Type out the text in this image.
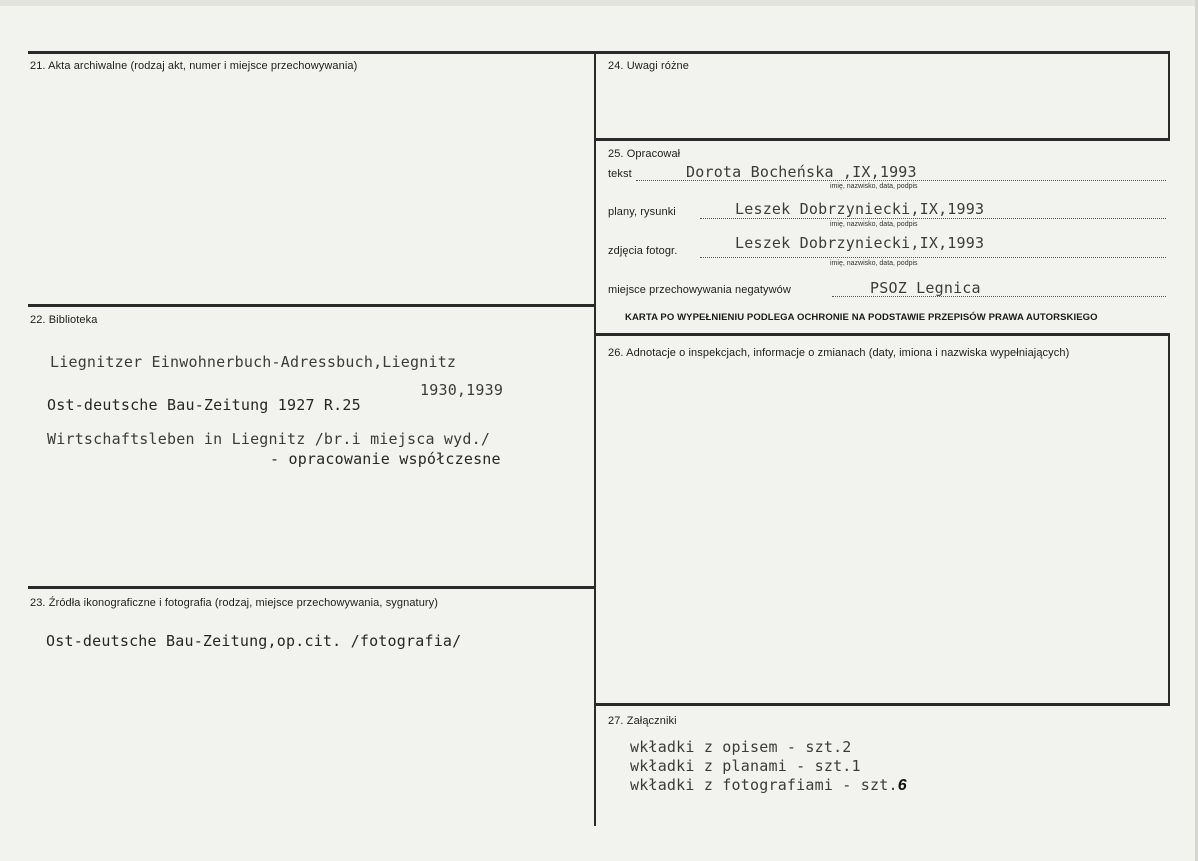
21. Akta archiwalne (rodzaj akt, numer i miejsce przechowywania)
22. Biblioteka
Liegnitzer Einwohnerbuch-Adressbuch,Liegnitz
1930,1939
Ost-deutsche Bau-Zeitung 1927 R.25
Wirtschaftsleben in Liegnitz /br.i miejsca wyd./
- opracowanie współczesne
23. Źródła ikonograficzne i fotografia (rodzaj, miejsce przechowywania, sygnatury)
Ost-deutsche Bau-Zeitung,op.cit. /fotografia/
24. Uwagi różne
25. Opracował
tekst	Dorota Bocheńska ,IX,1993
imię, nazwisko, data, podpis
plany, rysunki	Leszek Dobrzyniecki,IX,1993
imię, nazwisko, data, podpis
zdjęcia fotogr.	Leszek Dobrzyniecki,IX,1993
imię, nazwisko, data, podpis
miejsce przechowywania negatywów	PSOZ Legnica
KARTA PO WYPEŁNIENIU PODLEGA OCHRONIE NA PODSTAWIE PRZEPISÓW PRAWA AUTORSKIEGO
26. Adnotacje o inspekcjach, informacje o zmianach (daty, imiona i nazwiska wypełniających)
27. Załączniki
wkładki z opisem - szt.2
wkładki z planami - szt.1
wkładki z fotografiami - szt.6
